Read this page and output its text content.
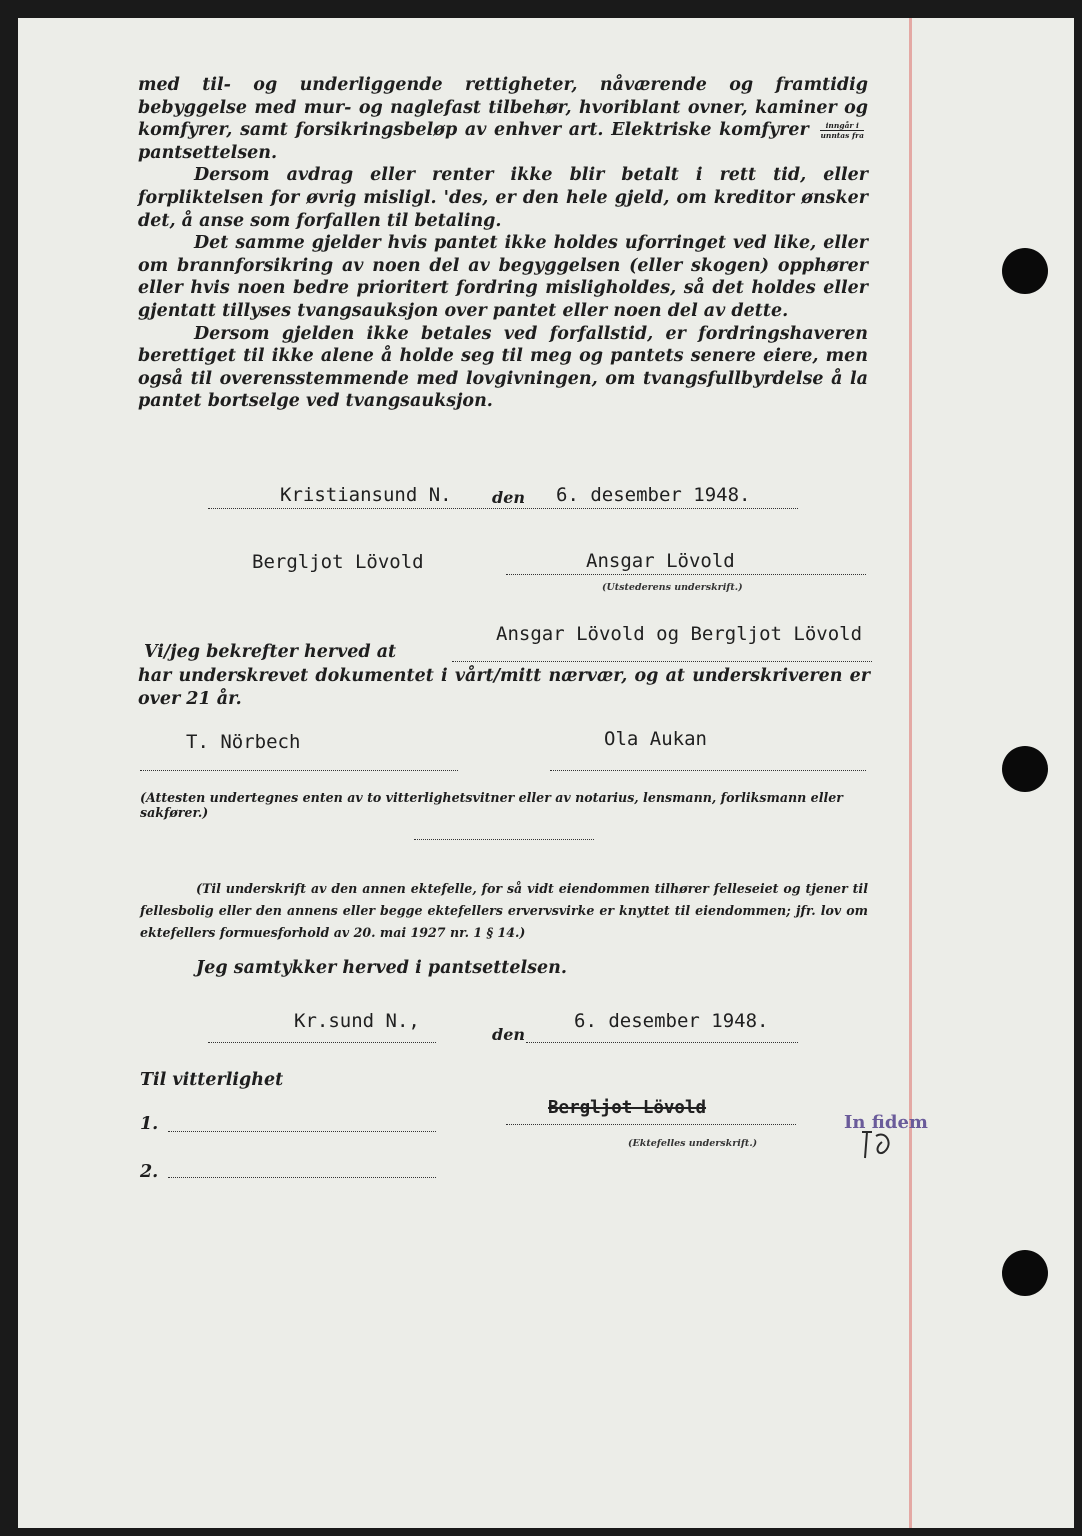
med til- og underliggende rettigheter, nåværende og framtidig bebyggelse med mur- og naglefast tilbehør, hvoriblant ovner, kaminer og komfyrer, samt forsikringsbeløp av enhver art. Elektriske komfyrer $\frac{\text{inngår i}}{\text{unntas fra}}$
pantsettelsen.

Dersom avdrag eller renter ikke blir betalt i rett tid, eller forpliktelsen for øvrig misligl. 'des, er den hele gjeld, om kreditor ønsker det, å anse som forfallen til betaling.

Det samme gjelder hvis pantet ikke holdes uforringet ved like, eller om brannforsikring av noen del av begyggelsen (eller skogen) opphører eller hvis noen bedre prioritert fordring misligholdes, så det holdes eller gjentatt tillyses tvangsauksjon over pantet eller noen del av dette.

Dersom gjelden ikke betales ved forfallstid, er fordringshaveren berettiget til ikke alene å holde seg til meg og pantets senere eiere, men også til overensstemmende med lovgivningen, om tvangsfullbyrdelse å la pantet bortselge ved tvangsauksjon.

Kristiansund N.	den 6. desember 1948.
Bergljot Lövold	Ansgar Lövold
(Utstederens underskrift.)
Vi/jeg bekrefter herved at
Ansgar Lövold og Bergljot Lövold
har underskrevet dokumentet i vårt/mitt nærvær, og at underskriveren er over 21 år.
T. Nörbech	Ola Aukan
(Attesten undertegnes enten av to vitterlighetsvitner eller av notarius, lensmann, forliksmann eller sakfører.)
(Til underskrift av den annen ektefelle, for så vidt eiendommen tilhører felleseiet og tjener til fellesbolig eller den annens eller begge ektefellers ervervsvirke er knyttet til eiendommen; jfr. lov om ektefellers formuesforhold av 20. mai 1927 nr. 1 § 14.)
Jeg samtykker herved i pantsettelsen.
Kr.sund N.,
den
6. desember 1948.
Til vitterlighet
1.
2.
Bergljot Lövold
(Ektefelles underskrift.)
In fidem
